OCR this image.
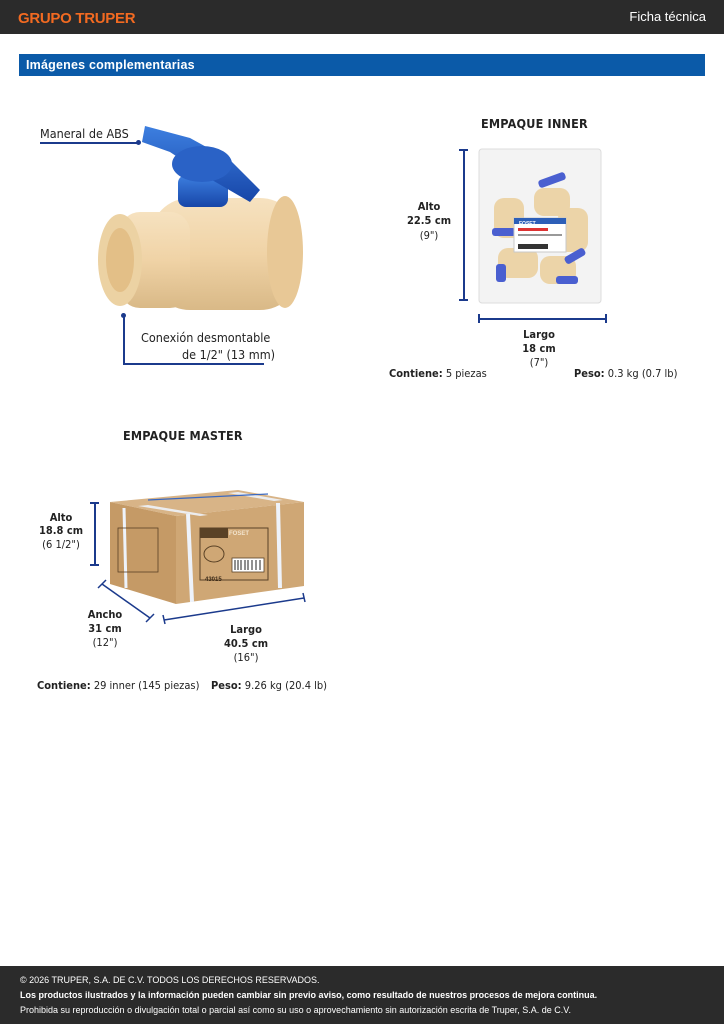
GRUPO TRUPER	Ficha técnica
Imágenes complementarias
Maneral de ABS
Conexión desmontable
de 1/2" (13 mm)
EMPAQUE INNER
Alto
22.5 cm
(9")
FOSET
Largo
18 cm
(7")
Contiene: 5 piezas	Peso: 0.3 kg (0.7 lb)
EMPAQUE MASTER
Alto
18.8 cm
(6 1/2")
FOSET
43015
Ancho
31 cm
(12")
Largo
40.5 cm
(16")
Contiene: 29 inner (145 piezas) Peso: 9.26 kg (20.4 lb)
© 2026 TRUPER, S.A. DE C.V. TODOS LOS DERECHOS RESERVADOS.
Los productos ilustrados y la información pueden cambiar sin previo aviso, como resultado de nuestros procesos de mejora continua.
Prohibida su reproducción o divulgación total o parcial así como su uso o aprovechamiento sin autorización escrita de Truper, S.A. de C.V.
